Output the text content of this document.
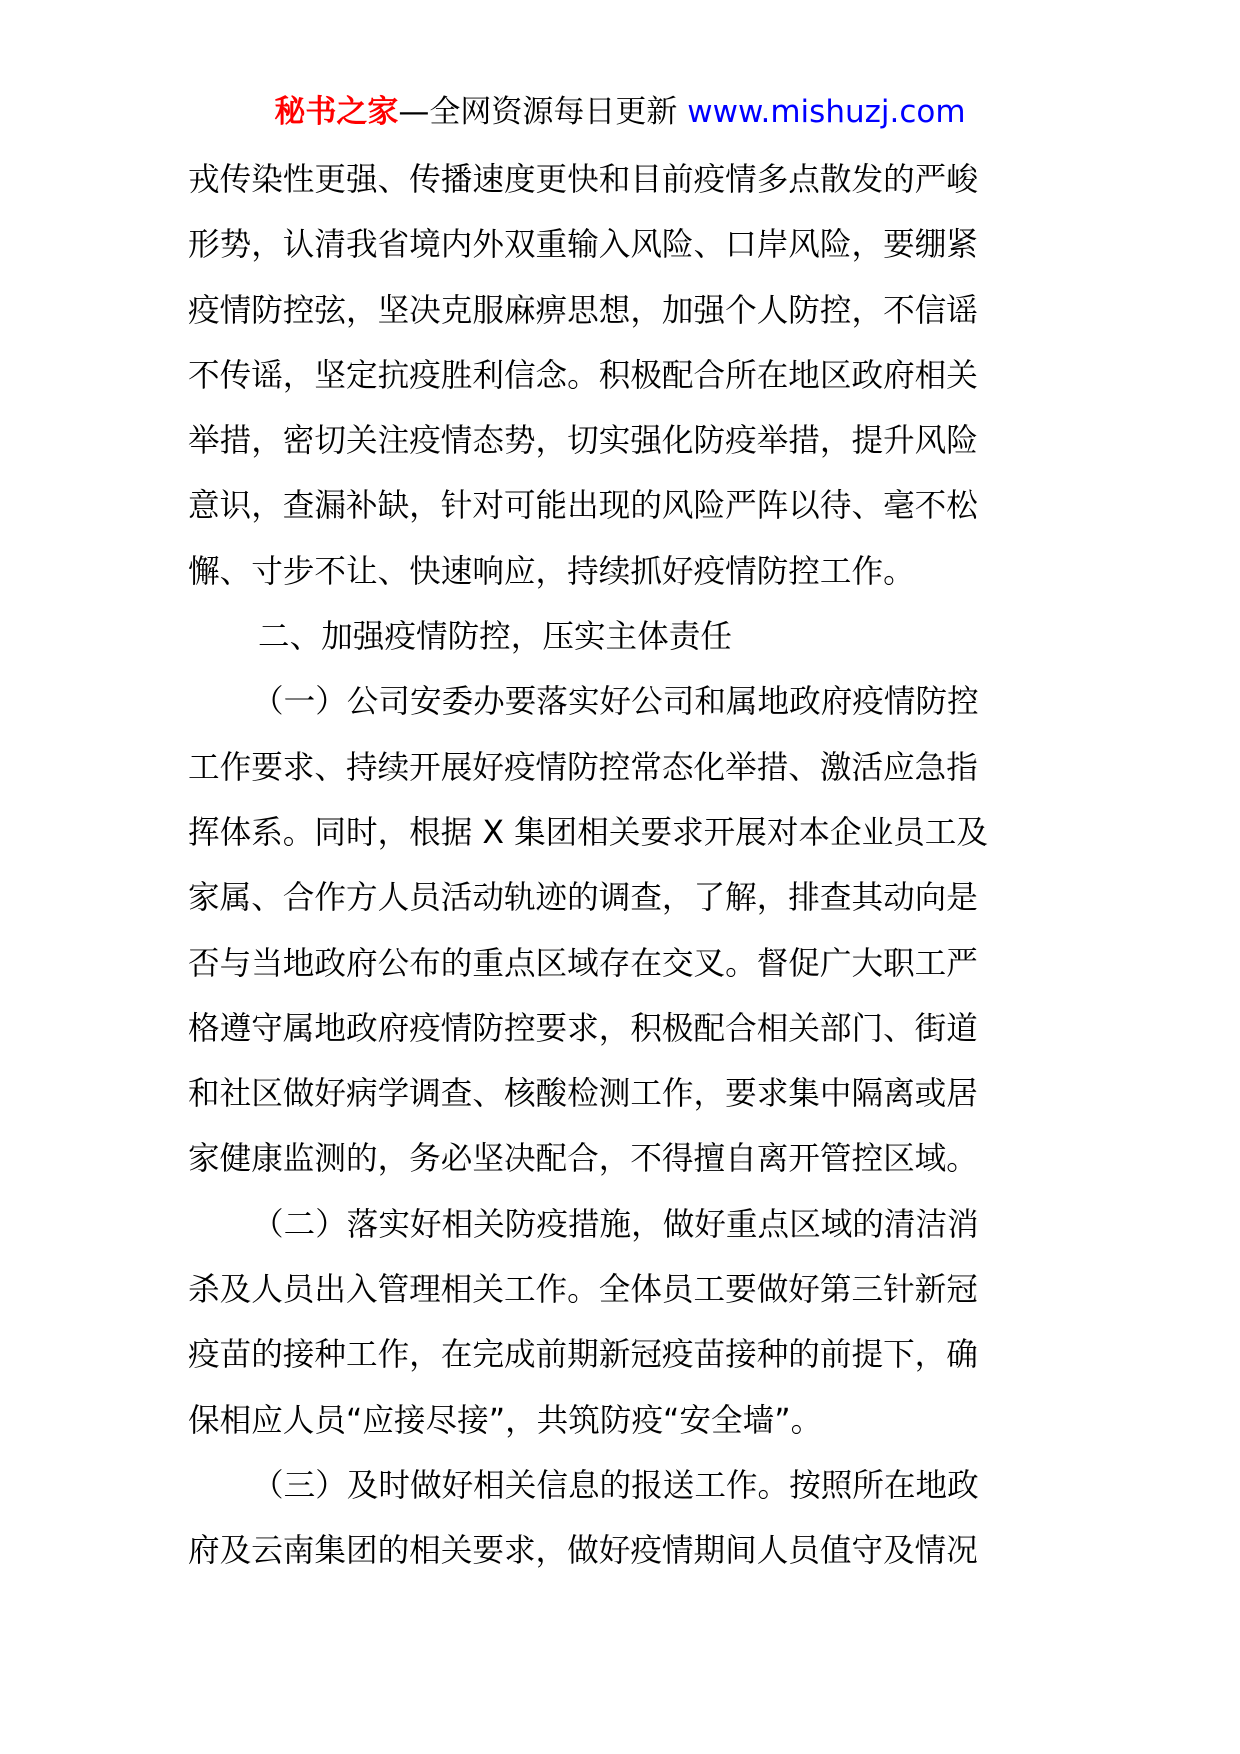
秘书之家—全网资源每日更新 www.mishuzj.com
戎传染性更强、传播速度更快和目前疫情多点散发的严峻
形势，认清我省境内外双重输入风险、口岸风险，要绷紧
疫情防控弦，坚决克服麻痹思想，加强个人防控，不信谣
不传谣，坚定抗疫胜利信念。积极配合所在地区政府相关
举措，密切关注疫情态势，切实强化防疫举措，提升风险
意识，查漏补缺，针对可能出现的风险严阵以待、毫不松
懈、寸步不让、快速响应，持续抓好疫情防控工作。
二、加强疫情防控，压实主体责任
（一）公司安委办要落实好公司和属地政府疫情防控
工作要求、持续开展好疫情防控常态化举措、激活应急指
挥体系。同时，根据 X 集团相关要求开展对本企业员工及
家属、合作方人员活动轨迹的调查，了解，排查其动向是
否与当地政府公布的重点区域存在交叉。督促广大职工严
格遵守属地政府疫情防控要求，积极配合相关部门、街道
和社区做好病学调查、核酸检测工作，要求集中隔离或居
家健康监测的，务必坚决配合，不得擅自离开管控区域。
（二）落实好相关防疫措施，做好重点区域的清洁消
杀及人员出入管理相关工作。全体员工要做好第三针新冠
疫苗的接种工作，在完成前期新冠疫苗接种的前提下，确
保相应人员“应接尽接”，共筑防疫“安全墙”。
（三）及时做好相关信息的报送工作。按照所在地政
府及云南集团的相关要求，做好疫情期间人员值守及情况
